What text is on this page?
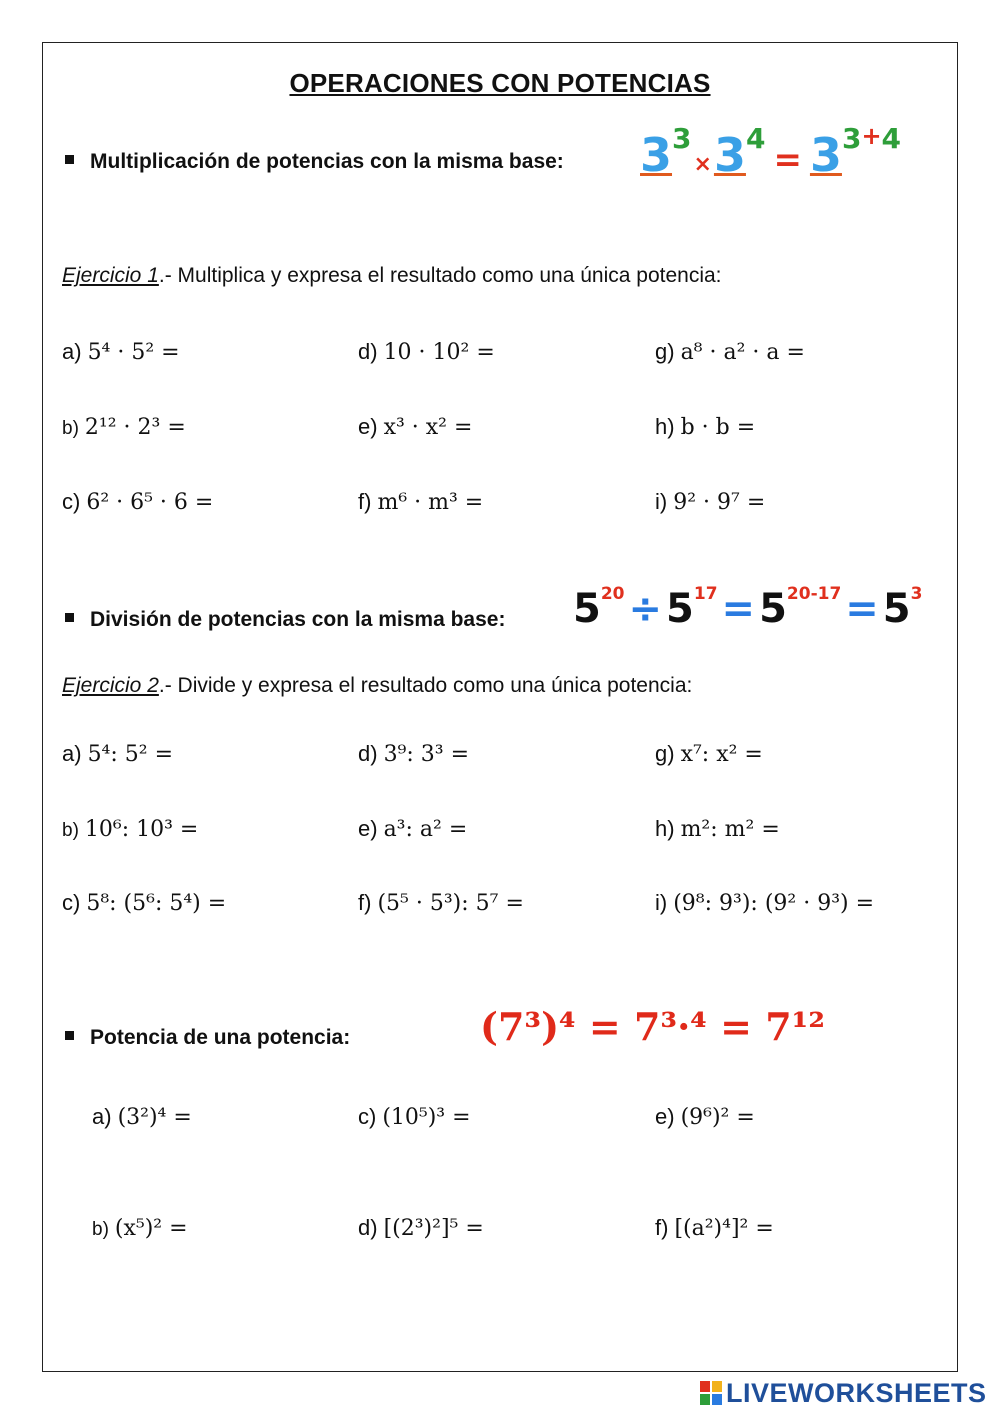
OPERACIONES CON POTENCIAS
Multiplicación de potencias con la misma base: $3^3\times 3^4= 3^{3+4}$
Ejercicio 1.- Multiplica y expresa el resultado como una única potencia:
a) 5⁴ · 5² =	d) 10 · 10² =	g) a⁸ · a² · a =
b) 2¹² · 2³ =	e) x³ · x² =	h) b · b =
c) 6² · 6⁵ · 6 =	f) m⁶ · m³ =	i) 9² · 9⁷ =
División de potencias con la misma base: $5^{20} \div 5^{17} = 5^{20-17} = 5^3$
Ejercicio 2.- Divide y expresa el resultado como una única potencia:
a) 5⁴: 5² =	d) 3⁹: 3³ =	g) x⁷: x² =
b) 10⁶: 10³ =	e) a³: a² =	h) m²: m² =
c) 5⁸: (5⁶: 5⁴) =	f) (5⁵ · 5³): 5⁷ =	i) (9⁸: 9³): (9² · 9³) =
Potencia de una potencia:	(7³)⁴ = 7³·⁴ = 7¹²
a) (3²)⁴ =	c) (10⁵)³ =	e) (9⁶)² =
b) (x⁵)² =	d) [(2³)²]⁵ =	f) [(a²)⁴]² =
LIVEWORKSHEETS
